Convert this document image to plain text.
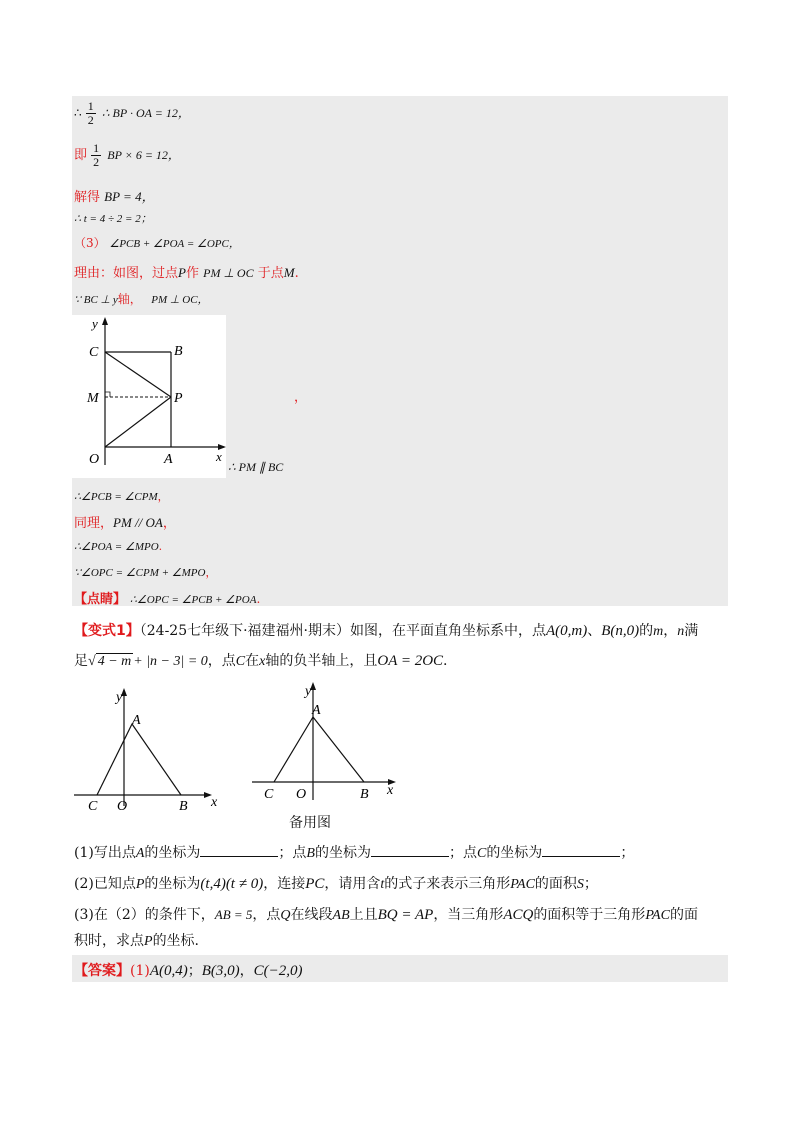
∴ $\frac{1}{2}$ ∴ BP · OA = 12，
即 $\frac{1}{2}$ BP × 6 = 12，
解得 BP = 4，
∴ t = 4 ÷ 2 = 2；
（3） ∠PCB + ∠POA = ∠OPC，
理由：如图，过点P作 PM ⊥ OC 于点M.
∵ BC ⊥ y轴， PM ⊥ OC，
y
C	B
M	P
O	A	x
，
∴ PM ∥ BC
∴∠PCB = ∠CPM，
同理，PM // OA，
∴∠POA = ∠MPO.
∵∠OPC = ∠CPM + ∠MPO，
【点睛】 ∴∠OPC = ∠PCB + ∠POA.
【变式1】（24-25七年级下·福建福州·期末）如图，在平面直角坐标系中，点A(0,m)、B(n,0)的m，n满
足√ 4 − m + |n − 3| = 0，点C在x轴的负半轴上，且OA = 2OC.
y
A
C O	B x
y
A
C O	B x
备用图
(1)写出点A的坐标为	；点B的坐标为	；点C的坐标为	；
(2)已知点P的坐标为(t,4)(t ≠ 0)，连接PC，请用含t的式子来表示三角形PAC的面积S；
(3)在（2）的条件下，AB = 5，点Q在线段AB上且BQ = AP，当三角形ACQ的面积等于三角形PAC的面
积时，求点P的坐标.
【答案】(1)A(0,4)；B(3,0)，C(−2,0)
